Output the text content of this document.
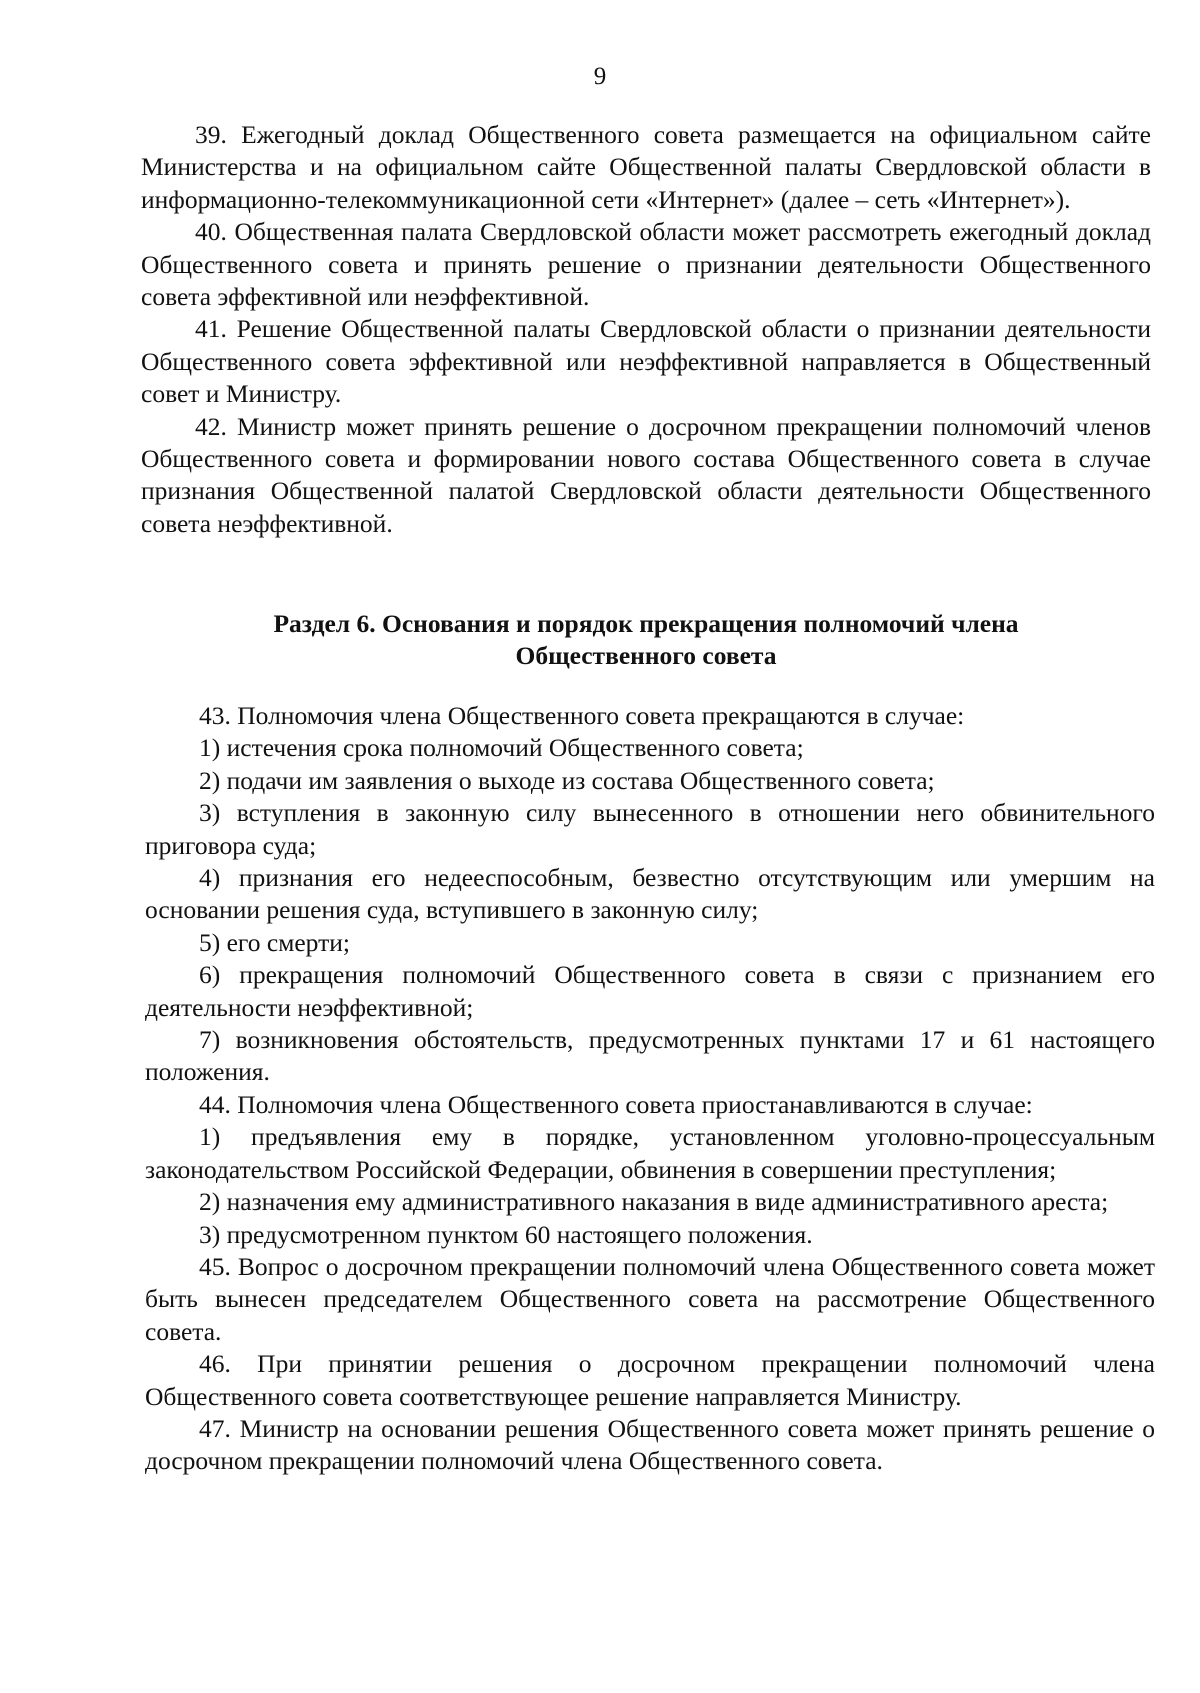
9

39. Ежегодный доклад Общественного совета размещается на официальном сайте Министерства и на официальном сайте Общественной палаты Свердловской области в информационно-телекоммуникационной сети «Интернет» (далее – сеть «Интернет»).

40. Общественная палата Свердловской области может рассмотреть ежегодный доклад Общественного совета и принять решение о признании деятельности Общественного совета эффективной или неэффективной.

41. Решение Общественной палаты Свердловской области о признании деятельности Общественного совета эффективной или неэффективной направляется в Общественный совет и Министру.

42. Министр может принять решение о досрочном прекращении полномочий членов Общественного совета и формировании нового состава Общественного совета в случае признания Общественной палатой Свердловской области деятельности Общественного совета неэффективной.

Раздел 6. Основания и порядок прекращения полномочий члена
Общественного совета

43. Полномочия члена Общественного совета прекращаются в случае:

1) истечения срока полномочий Общественного совета;

2) подачи им заявления о выходе из состава Общественного совета;

3) вступления в законную силу вынесенного в отношении него обвинительного приговора суда;

4) признания его недееспособным, безвестно отсутствующим или умершим на основании решения суда, вступившего в законную силу;

5) его смерти;

6) прекращения полномочий Общественного совета в связи с признанием его деятельности неэффективной;

7) возникновения обстоятельств, предусмотренных пунктами 17 и 61 настоящего положения.

44. Полномочия члена Общественного совета приостанавливаются в случае:

1) предъявления ему в порядке, установленном уголовно-процессуальным законодательством Российской Федерации, обвинения в совершении преступления;

2) назначения ему административного наказания в виде административного ареста;

3) предусмотренном пунктом 60 настоящего положения.

45. Вопрос о досрочном прекращении полномочий члена Общественного совета может быть вынесен председателем Общественного совета на рассмотрение Общественного совета.

46. При принятии решения о досрочном прекращении полномочий члена Общественного совета соответствующее решение направляется Министру.

47. Министр на основании решения Общественного совета может принять решение о досрочном прекращении полномочий члена Общественного совета.
